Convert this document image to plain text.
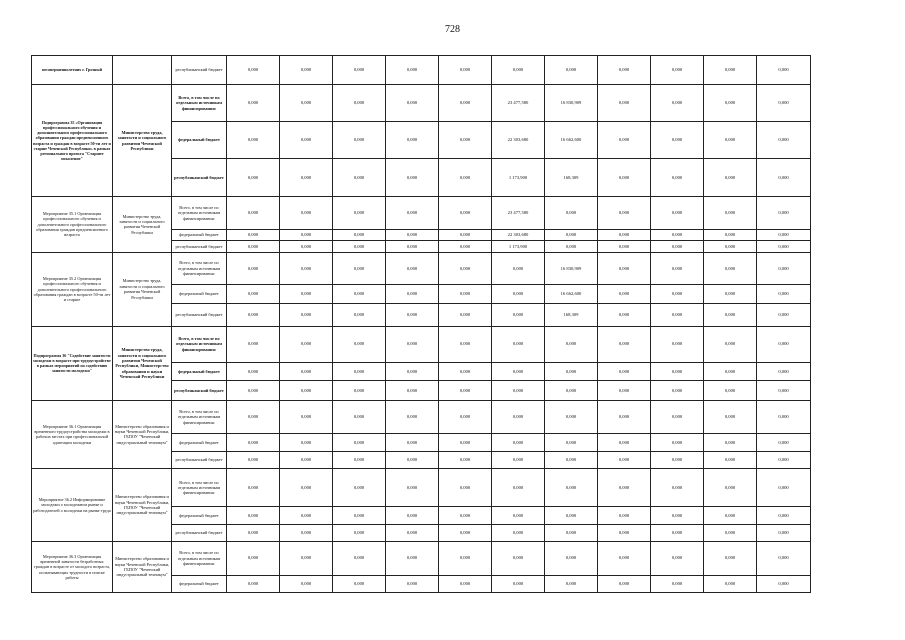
728
несовершеннолетних г. Грозный		республиканский бюджет	0,000	0,000	0,000	0,000	0,000	0,000	0,000	0,000	0,000	0,000	0,000
Подпрограмма 35 «Организация профессионального обучения и дополнительного профессионального образования граждан предпенсионного возраста и граждан в возрасте 50-ти лет и старше Чеченской Республики» в рамках регионального проекта "Старшее поколение"	Министерство труда, занятости и социального развития Чеченской Республики	Всего, в том числе по отдельным источникам финансирования:	0,000	0,000	0,000	0,000	0,000	23 477,580	16 830,909	0,000	0,000	0,000	0,000
		федеральный бюджет	0,000	0,000	0,000	0,000	0,000	22 303,680	16 662,600	0,000	0,000	0,000	0,000
		республиканский бюджет	0,000	0,000	0,000	0,000	0,000	1 173,900	168,309	0,000	0,000	0,000	0,000
Мероприятие 35.1 Организация профессионального обучения и дополнительного профессионального образования граждан предпенсионного возраста	Министерство труда, занятости и социального развития Чеченской Республики	Всего, в том числе по отдельным источникам финансирования:	0,000	0,000	0,000	0,000	0,000	23 477,580	0,000	0,000	0,000	0,000	0,000
		федеральный бюджет	0,000	0,000	0,000	0,000	0,000	22 303,680	0,000	0,000	0,000	0,000	0,000
		республиканский бюджет	0,000	0,000	0,000	0,000	0,000	1 173,900	0,000	0,000	0,000	0,000	0,000
Мероприятие 35.2 Организация профессионального обучения и дополнительного профессионального образования граждан в возрасте 50-ти лет и старше	Министерство труда, занятости и социального развития Чеченской Республики	Всего, в том числе по отдельным источникам финансирования:	0,000	0,000	0,000	0,000	0,000	0,000	16 830,909	0,000	0,000	0,000	0,000
		федеральный бюджет	0,000	0,000	0,000	0,000	0,000	0,000	16 662,600	0,000	0,000	0,000	0,000
		республиканский бюджет	0,000	0,000	0,000	0,000	0,000	0,000	168,309	0,000	0,000	0,000	0,000
Подпрограмма 36 "Содействие занятости молодежи в возрасте при трудоустройстве в рамках мероприятий по содействию занятости молодежи"	Министерство труда, занятости и социального развития Чеченской Республики, Министерство образования и науки Чеченской Республики	Всего, в том числе по отдельным источникам финансирования:	0,000	0,000	0,000	0,000	0,000	0,000	0,000	0,000	0,000	0,000	0,000
		федеральный бюджет	0,000	0,000	0,000	0,000	0,000	0,000	0,000	0,000	0,000	0,000	0,000
		республиканский бюджет	0,000	0,000	0,000	0,000	0,000	0,000	0,000	0,000	0,000	0,000	0,000
Мероприятие 36.1 Организация временного трудоустройства молодежи в рабочих местах при профессиональной адаптации молодежи	Министерство образования и науки Чеченской Республики, ГБПОУ "Чеченский индустриальный техникум"	Всего, в том числе по отдельным источникам финансирования:	0,000	0,000	0,000	0,000	0,000	0,000	0,000	0,000	0,000	0,000	0,000
		федеральный бюджет	0,000	0,000	0,000	0,000	0,000	0,000	0,000	0,000	0,000	0,000	0,000
		республиканский бюджет	0,000	0,000	0,000	0,000	0,000	0,000	0,000	0,000	0,000	0,000	0,000
Мероприятие 36.2 Информирование молодежи о молодежном рынке и работодателей о молодежи на рынке труда	Министерство образования и науки Чеченской Республики, ГБПОУ "Чеченский индустриальный техникум"	Всего, в том числе по отдельным источникам финансирования:	0,000	0,000	0,000	0,000	0,000	0,000	0,000	0,000	0,000	0,000	0,000
		федеральный бюджет	0,000	0,000	0,000	0,000	0,000	0,000	0,000	0,000	0,000	0,000	0,000
		республиканский бюджет	0,000	0,000	0,000	0,000	0,000	0,000	0,000	0,000	0,000	0,000	0,000
Мероприятие 36.3 Организация временной занятости безработных граждан в возрасте от молодого возраста, испытывающих трудности в поиске работы	Министерство образования и науки Чеченской Республики, ГБПОУ "Чеченский индустриальный техникум"	Всего, в том числе по отдельным источникам финансирования:	0,000	0,000	0,000	0,000	0,000	0,000	0,000	0,000	0,000	0,000	0,000
		федеральный бюджет	0,000	0,000	0,000	0,000	0,000	0,000	0,000	0,000	0,000	0,000	0,000
